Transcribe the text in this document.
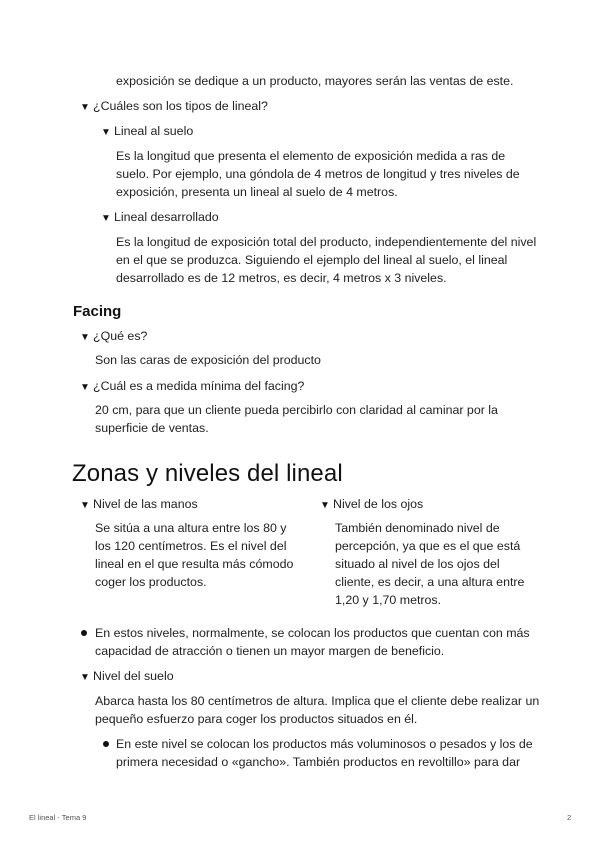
exposición se dedique a un producto, mayores serán las ventas de este.

▼ ¿Cuáles son los tipos de lineal?
▼ Lineal al suelo

Es la longitud que presenta el elemento de exposición medida a ras de

suelo. Por ejemplo, una góndola de 4 metros de longitud y tres niveles de

exposición, presenta un lineal al suelo de 4 metros.

▼ Lineal desarrollado

Es la longitud de exposición total del producto, independientemente del nivel

en el que se produzca. Siguiendo el ejemplo del lineal al suelo, el lineal

desarrollado es de 12 metros, es decir, 4 metros x 3 niveles.

Facing
▼ ¿Qué es?

Son las caras de exposición del producto

▼ ¿Cuál es a medida mínima del facing?

20 cm, para que un cliente pueda percibirlo con claridad al caminar por la

superficie de ventas.

Zonas y niveles del lineal
▼ Nivel de las manos

Se sitúa a una altura entre los 80 y

los 120 centímetros. Es el nivel del

lineal en el que resulta más cómodo

coger los productos.

▼ Nivel de los ojos

También denominado nivel de

percepción, ya que es el que está

situado al nivel de los ojos del

cliente, es decir, a una altura entre

1,20 y 1,70 metros.

En estos niveles, normalmente, se colocan los productos que cuentan con más

capacidad de atracción o tienen un mayor margen de beneficio.

▼ Nivel del suelo

Abarca hasta los 80 centímetros de altura. Implica que el cliente debe realizar un

pequeño esfuerzo para coger los productos situados en él.

En este nivel se colocan los productos más voluminosos o pesados y los de

primera necesidad o «gancho». También productos en revoltillo» para dar

El lineal - Tema 9	2
